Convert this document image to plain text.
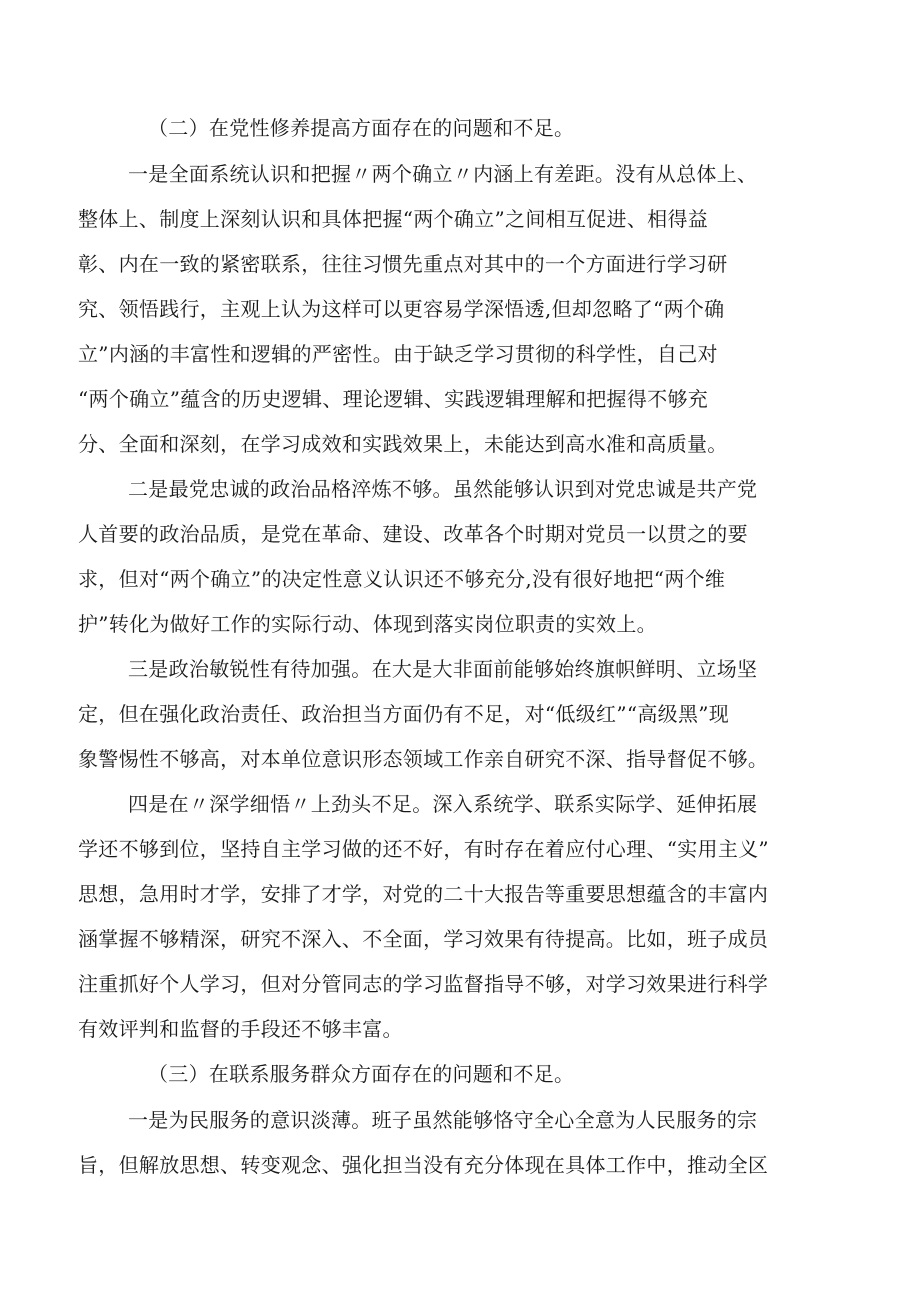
（二）在党性修养提高方面存在的问题和不足。

一是全面系统认识和把握〃两个确立〃内涵上有差距。没有从总体上、

整体上、制度上深刻认识和具体把握“两个确立”之间相互促进、相得益

彰、内在一致的紧密联系，往往习惯先重点对其中的一个方面进行学习研

究、领悟践行，主观上认为这样可以更容易学深悟透,但却忽略了“两个确

立”内涵的丰富性和逻辑的严密性。由于缺乏学习贯彻的科学性，自己对

“两个确立”蕴含的历史逻辑、理论逻辑、实践逻辑理解和把握得不够充

分、全面和深刻，在学习成效和实践效果上，未能达到高水准和高质量。

二是最党忠诚的政治品格淬炼不够。虽然能够认识到对党忠诚是共产党

人首要的政治品质，是党在革命、建设、改革各个时期对党员一以贯之的要

求，但对“两个确立”的决定性意义认识还不够充分,没有很好地把“两个维

护”转化为做好工作的实际行动、体现到落实岗位职责的实效上。

三是政治敏锐性有待加强。在大是大非面前能够始终旗帜鲜明、立场坚

定，但在强化政治责任、政治担当方面仍有不足，对“低级红”“高级黑”现

象警惕性不够高，对本单位意识形态领域工作亲自研究不深、指导督促不够。

四是在〃深学细悟〃上劲头不足。深入系统学、联系实际学、延伸拓展

学还不够到位，坚持自主学习做的还不好，有时存在着应付心理、“实用主义”

思想，急用时才学，安排了才学，对党的二十大报告等重要思想蕴含的丰富内

涵掌握不够精深，研究不深入、不全面，学习效果有待提高。比如，班子成员

注重抓好个人学习，但对分管同志的学习监督指导不够，对学习效果进行科学

有效评判和监督的手段还不够丰富。

（三）在联系服务群众方面存在的问题和不足。

一是为民服务的意识淡薄。班子虽然能够恪守全心全意为人民服务的宗

旨，但解放思想、转变观念、强化担当没有充分体现在具体工作中，推动全区
